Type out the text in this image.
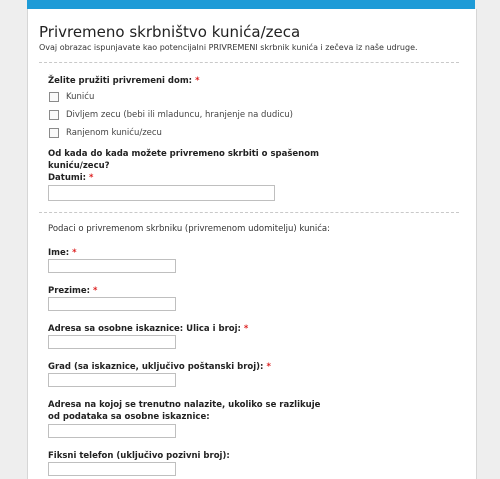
Privremeno skrbništvo kunića/zeca
Ovaj obrazac ispunjavate kao potencijalni PRIVREMENI skrbnik kunića i zečeva iz naše udruge.
Želite pružiti privremeni dom: *
Kuniću
Divljem zecu (bebi ili mladuncu, hranjenje na dudicu)
Ranjenom kuniću/zecu
Od kada do kada možete privremeno skrbiti o spašenom
kuniću/zecu?
Datumi: *
Podaci o privremenom skrbniku (privremenom udomitelju) kunića:
Ime: *
Prezime: *
Adresa sa osobne iskaznice: Ulica i broj: *
Grad (sa iskaznice, uključivo poštanski broj): *
Adresa na kojoj se trenutno nalazite, ukoliko se razlikuje
od podataka sa osobne iskaznice:
Fiksni telefon (uključivo pozivni broj):
